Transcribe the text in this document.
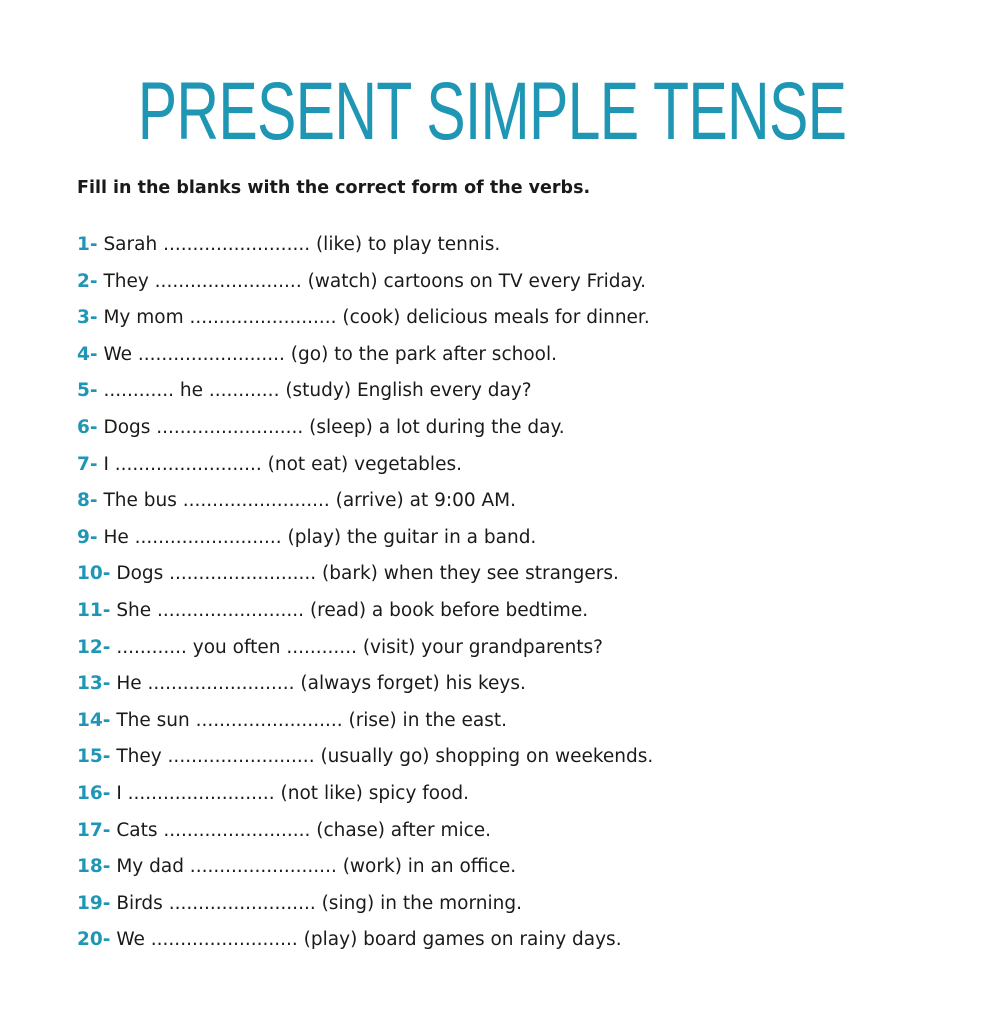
PRESENT SIMPLE TENSE

Fill in the blanks with the correct form of the verbs.

1- Sarah ......................... (like) to play tennis.
2- They ......................... (watch) cartoons on TV every Friday.
3- My mom ......................... (cook) delicious meals for dinner.
4- We ......................... (go) to the park after school.
5- ............ he ............ (study) English every day?
6- Dogs ......................... (sleep) a lot during the day.
7- I ......................... (not eat) vegetables.
8- The bus ......................... (arrive) at 9:00 AM.
9- He ......................... (play) the guitar in a band.
10- Dogs ......................... (bark) when they see strangers.
11- She ......................... (read) a book before bedtime.
12- ............ you often ............ (visit) your grandparents?
13- He ......................... (always forget) his keys.
14- The sun ......................... (rise) in the east.
15- They ......................... (usually go) shopping on weekends.
16- I ......................... (not like) spicy food.
17- Cats ......................... (chase) after mice.
18- My dad ......................... (work) in an office.
19- Birds ......................... (sing) in the morning.
20- We ......................... (play) board games on rainy days.
